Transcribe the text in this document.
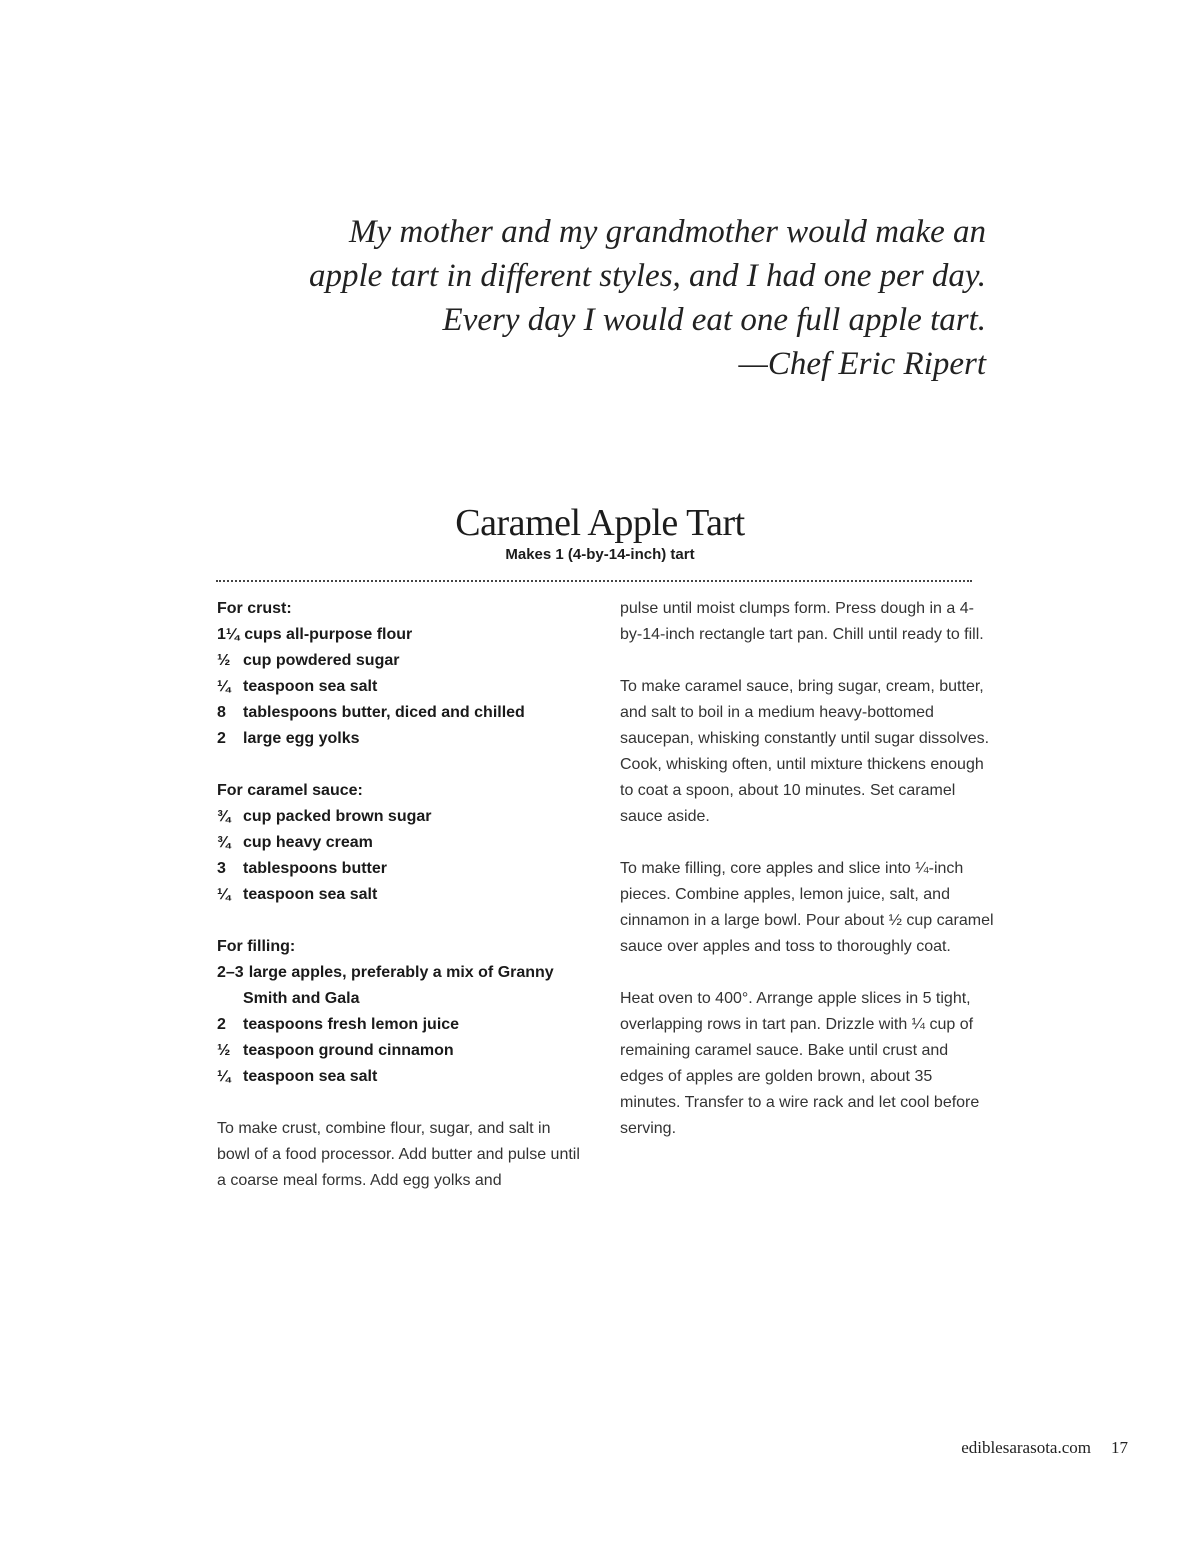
My mother and my grandmother would make an
apple tart in different styles, and I had one per day.
Every day I would eat one full apple tart.
—Chef Eric Ripert
Caramel Apple Tart
Makes 1 (4-by-14-inch) tart
For crust:
1¼ cups all-purpose flour
½ cup powdered sugar
¼ teaspoon sea salt
8	tablespoons butter, diced and chilled
2	large egg yolks
For caramel sauce:
¾ cup packed brown sugar
¾ cup heavy cream
3	tablespoons butter
¼ teaspoon sea salt
For filling:
2–3 large apples, preferably a mix of Granny
Smith and Gala
2	teaspoons fresh lemon juice
½ teaspoon ground cinnamon
¼ teaspoon sea salt

To make crust, combine flour, sugar, and salt in bowl of a food processor. Add butter and pulse until a coarse meal forms. Add egg yolks and

pulse until moist clumps form. Press dough in a 4-by-14-inch rectangle tart pan. Chill until ready to fill.

To make caramel sauce, bring sugar, cream, butter, and salt to boil in a medium heavy-bottomed saucepan, whisking constantly until sugar dissolves. Cook, whisking often, until mixture thickens enough to coat a spoon, about 10 minutes. Set caramel sauce aside.

To make filling, core apples and slice into ¼-inch pieces. Combine apples, lemon juice, salt, and cinnamon in a large bowl. Pour about ½ cup caramel sauce over apples and toss to thoroughly coat.

Heat oven to 400°. Arrange apple slices in 5 tight, overlapping rows in tart pan. Drizzle with ¼ cup of remaining caramel sauce. Bake until crust and edges of apples are golden brown, about 35 minutes. Transfer to a wire rack and let cool before serving.

ediblesarasota.com 17
